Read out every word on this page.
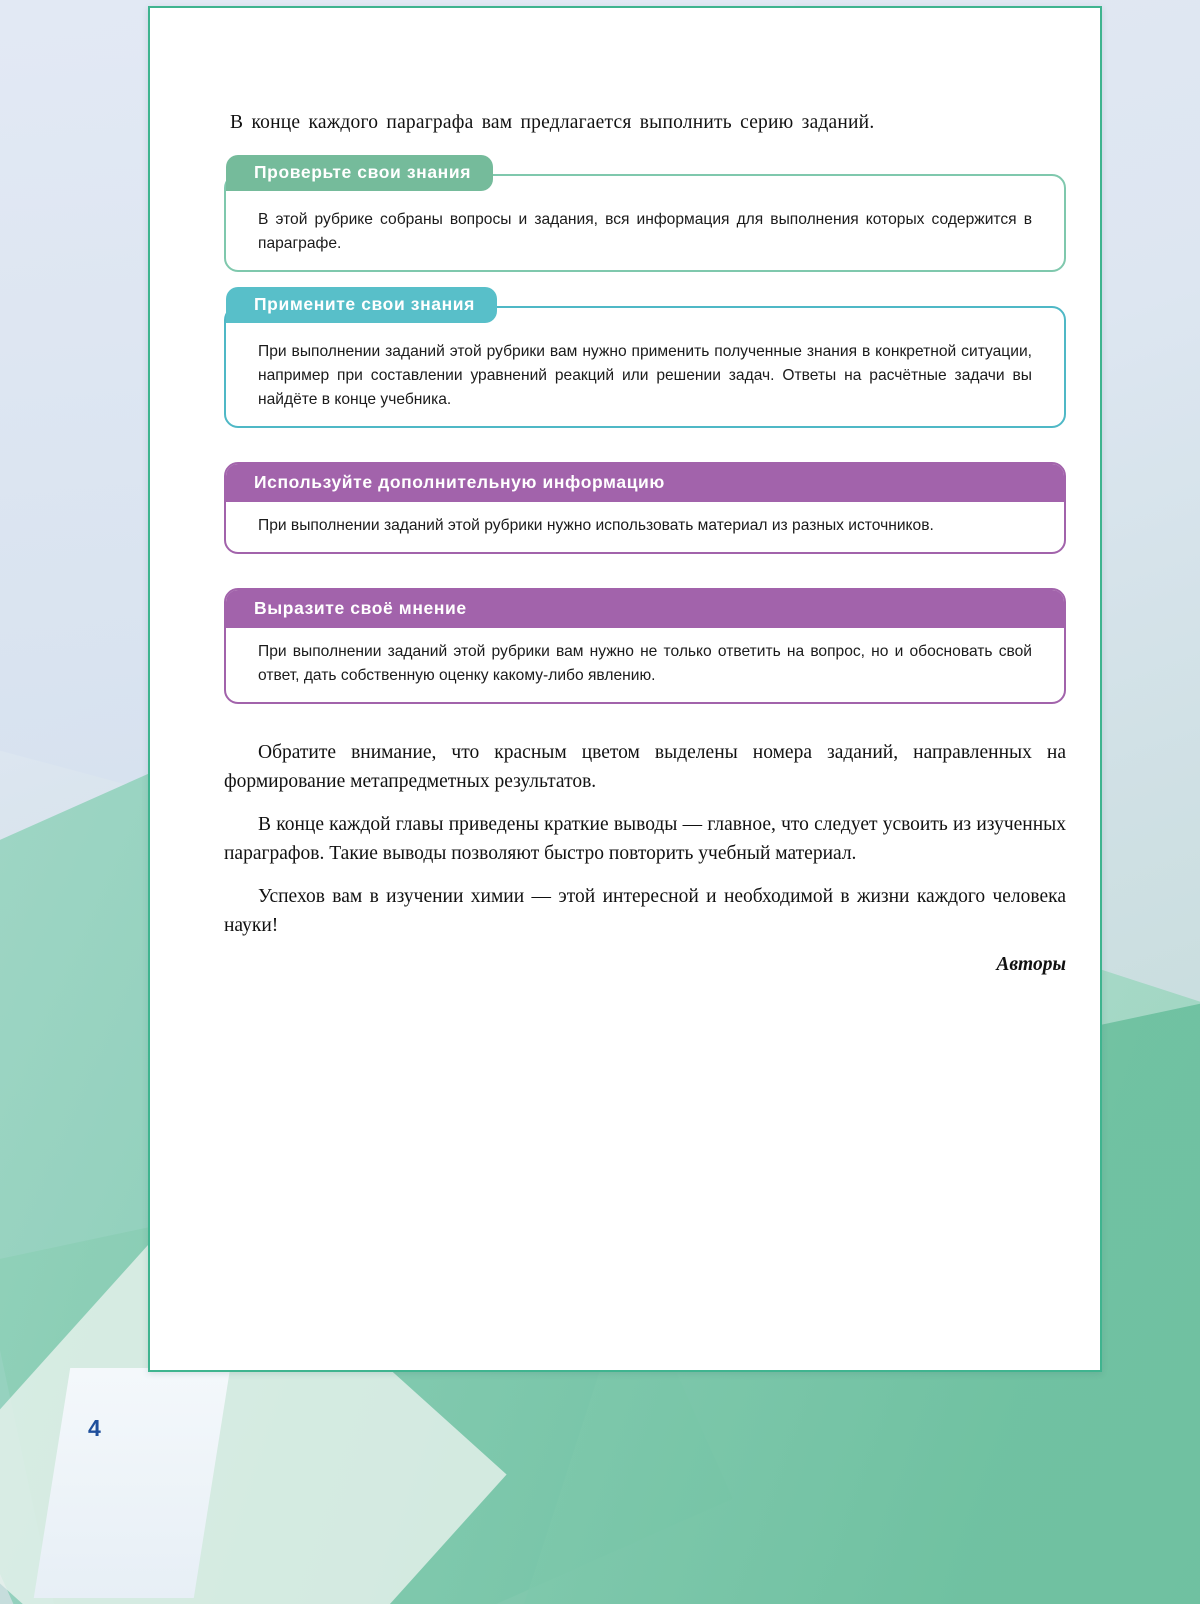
В конце каждого параграфа вам предлагается выполнить серию заданий.

Проверьте свои знания
В этой рубрике собраны вопросы и задания, вся информация для выполнения которых содержится в параграфе.
Примените свои знания
При выполнении заданий этой рубрики вам нужно применить полученные знания в конкретной ситуации, например при составлении уравнений реакций или решении задач. Ответы на расчётные задачи вы найдёте в конце учебника.
Используйте дополнительную информацию
При выполнении заданий этой рубрики нужно использовать материал из разных источников.
Выразите своё мнение
При выполнении заданий этой рубрики вам нужно не только ответить на вопрос, но и обосновать свой ответ, дать собственную оценку какому-либо явлению.

Обратите внимание, что красным цветом выделены номера заданий, направленных на формирование метапредметных результатов.

В конце каждой главы приведены краткие выводы — главное, что следует усвоить из изученных параграфов. Такие выводы позволяют быстро повторить учебный материал.

Успехов вам в изучении химии — этой интересной и необходимой в жизни каждого человека науки!

Авторы
4
